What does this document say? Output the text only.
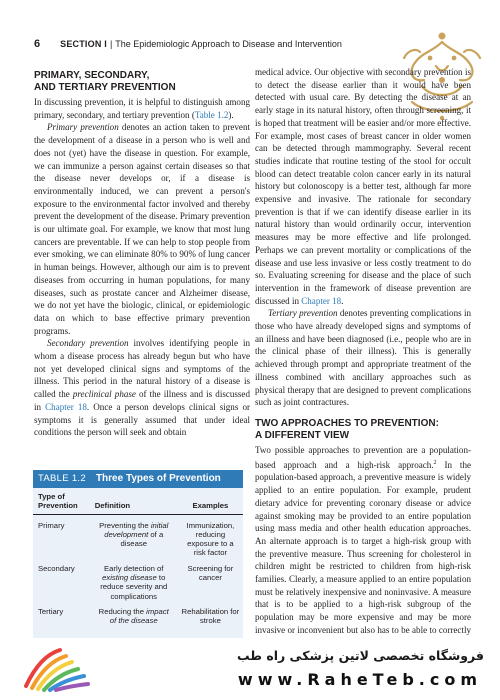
6 SECTION I | The Epidemiologic Approach to Disease and Intervention
PRIMARY, SECONDARY,
AND TERTIARY PREVENTION

In discussing prevention, it is helpful to distinguish among primary, secondary, and tertiary prevention (Table 1.2).

Primary prevention denotes an action taken to prevent the development of a disease in a person who is well and does not (yet) have the disease in question. For example, we can immunize a person against certain diseases so that the disease never develops or, if a disease is environmentally induced, we can prevent a person's exposure to the environmental factor involved and thereby prevent the development of the disease. Primary prevention is our ultimate goal. For example, we know that most lung cancers are preventable. If we can help to stop people from ever smoking, we can eliminate 80% to 90% of lung cancer in human beings. However, although our aim is to prevent diseases from occurring in human populations, for many diseases, such as prostate cancer and Alzheimer disease, we do not yet have the biologic, clinical, or epidemiologic data on which to base effective primary prevention programs.

Secondary prevention involves identifying people in whom a disease process has already begun but who have not yet developed clinical signs and symptoms of the illness. This period in the natural history of a disease is called the preclinical phase of the illness and is discussed in Chapter 18. Once a person develops clinical signs or symptoms it is generally assumed that under ideal conditions the person will seek and obtain

medical advice. Our objective with secondary prevention is to detect the disease earlier than it would have been detected with usual care. By detecting the disease at an early stage in its natural history, often through screening, it is hoped that treatment will be easier and/or more effective. For example, most cases of breast cancer in older women can be detected through mammography. Several recent studies indicate that routine testing of the stool for occult blood can detect treatable colon cancer early in its natural history but colonoscopy is a better test, although far more expensive and invasive. The rationale for secondary prevention is that if we can identify disease earlier in its natural history than would ordinarily occur, intervention measures may be more effective and life prolonged. Perhaps we can prevent mortality or complications of the disease and use less invasive or less costly treatment to do so. Evaluating screening for disease and the place of such intervention in the framework of disease prevention are discussed in Chapter 18.

Tertiary prevention denotes preventing complications in those who have already developed signs and symptoms of an illness and have been diagnosed (i.e., people who are in the clinical phase of their illness). This is generally achieved through prompt and appropriate treatment of the illness combined with ancillary approaches such as physical therapy that are designed to prevent complications such as joint contractures.

TWO APPROACHES TO PREVENTION:
A DIFFERENT VIEW

Two possible approaches to prevention are a population-based approach and a high-risk approach.$^2$ In the population-based approach, a preventive measure is widely applied to an entire population. For example, prudent dietary advice for preventing coronary disease or advice against smoking may be provided to an entire population using mass media and other health education approaches. An alternate approach is to target a high-risk group with the preventive measure. Thus screening for cholesterol in children might be restricted to children from high-risk families. Clearly, a measure applied to an entire population must be relatively inexpensive and noninvasive. A measure that is to be applied to a high-risk subgroup of the population may be more expensive and may be more invasive or inconvenient but also has to be able to correctly

TABLE 1.2 Three Types of Prevention
Type of Prevention	Definition	Examples
Primary	Preventing the initial development of a disease	Immunization, reducing exposure to a risk factor
Secondary	Early detection of existing disease to reduce severity and complications	Screening for cancer
Tertiary	Reducing the impact of the disease	Rehabilitation for stroke
فروشگاه تخصصی لاتین پزشکی راه طب
www.RaheTeb.com
